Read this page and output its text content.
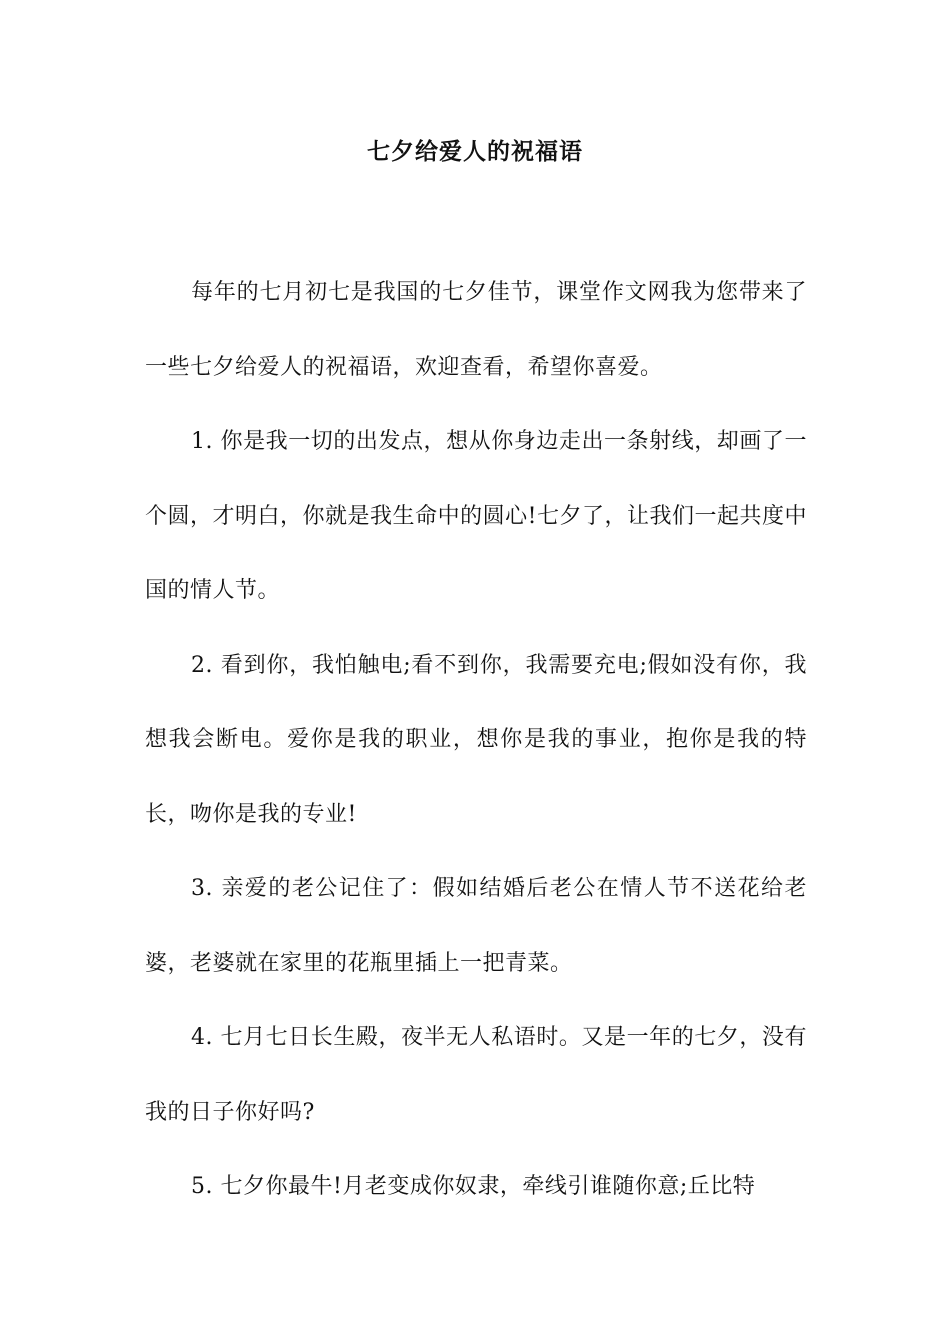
七夕给爱人的祝福语

每年的七月初七是我国的七夕佳节，课堂作文网我为您带来了一些七夕给爱人的祝福语，欢迎查看，希望你喜爱。

1. 你是我一切的出发点，想从你身边走出一条射线，却画了一个圆，才明白，你就是我生命中的圆心!七夕了，让我们一起共度中国的情人节。

2. 看到你，我怕触电;看不到你，我需要充电;假如没有你，我想我会断电。爱你是我的职业，想你是我的事业，抱你是我的特长，吻你是我的专业!

3. 亲爱的老公记住了：假如结婚后老公在情人节不送花给老婆，老婆就在家里的花瓶里插上一把青菜。

4. 七月七日长生殿，夜半无人私语时。又是一年的七夕，没有我的日子你好吗?

5. 七夕你最牛!月老变成你奴隶，牵线引谁随你意;丘比特
